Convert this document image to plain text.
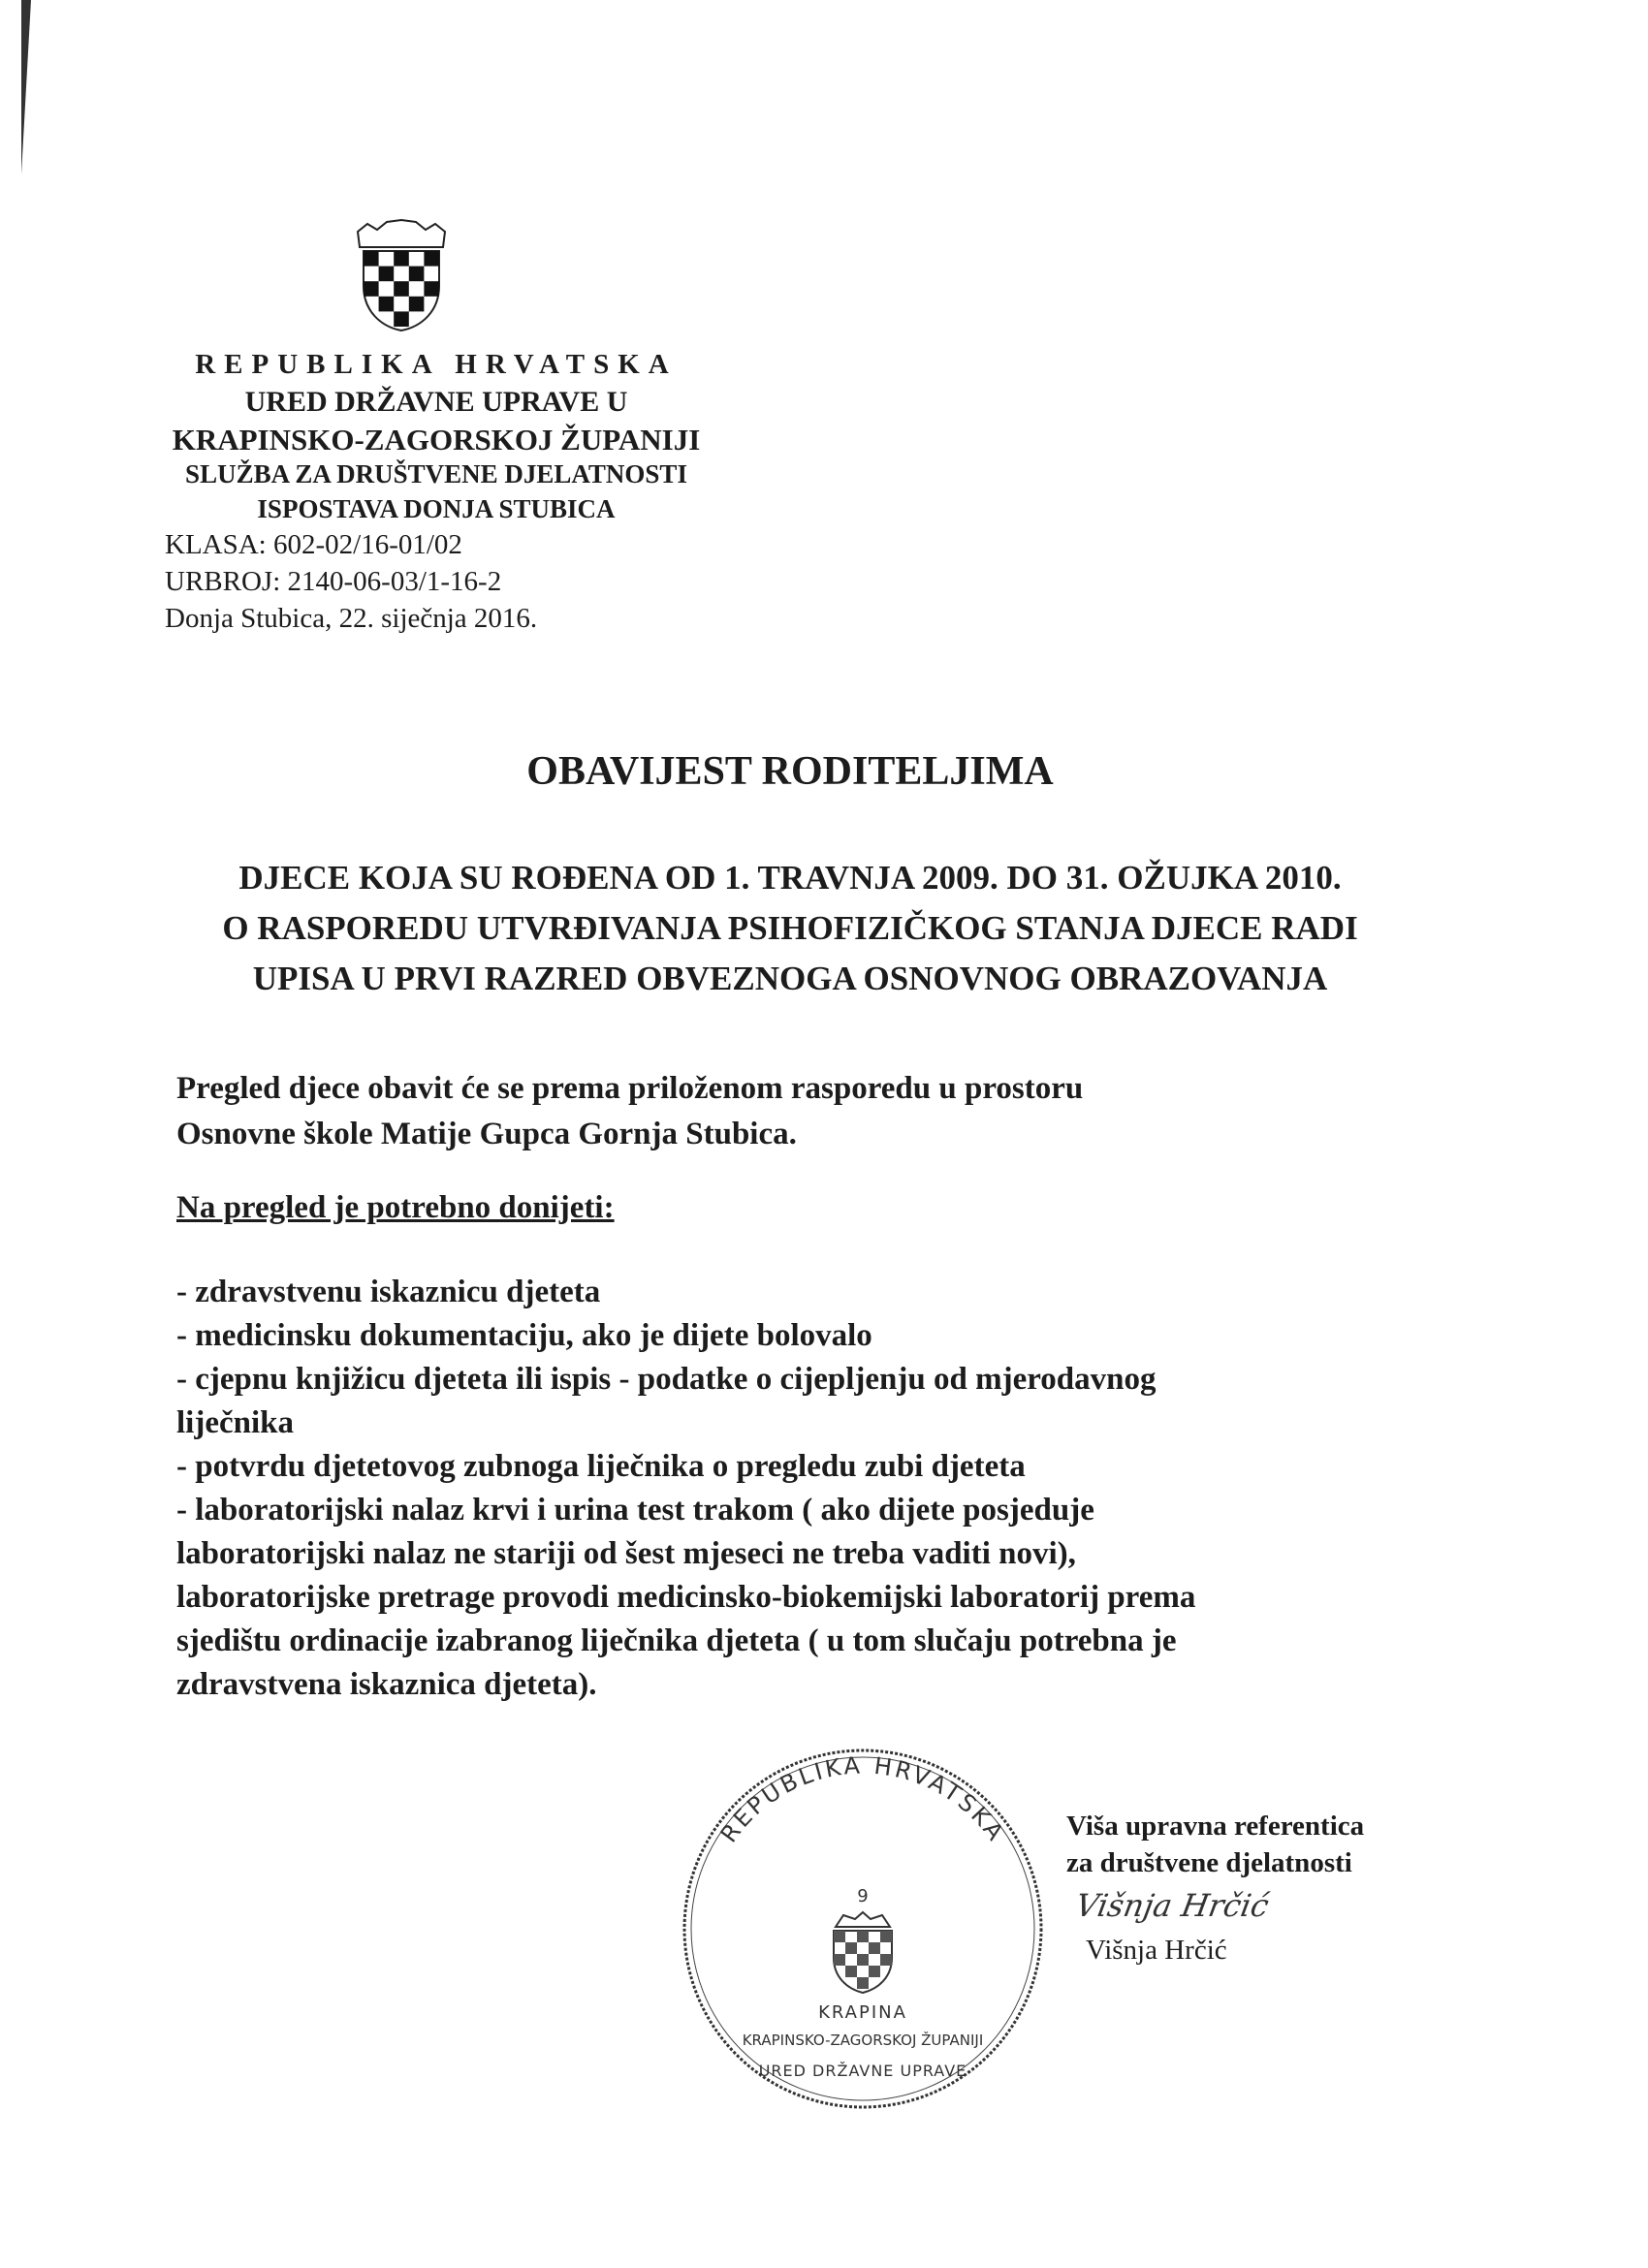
REPUBLIKA HRVATSKA
URED DRŽAVNE UPRAVE U
KRAPINSKO-ZAGORSKOJ ŽUPANIJI
SLUŽBA ZA DRUŠTVENE DJELATNOSTI
ISPOSTAVA DONJA STUBICA
KLASA: 602-02/16-01/02
URBROJ: 2140-06-03/1-16-2
Donja Stubica, 22. siječnja 2016.
OBAVIJEST RODITELJIMA
DJECE KOJA SU ROĐENA OD 1. TRAVNJA 2009. DO 31. OŽUJKA 2010.
O RASPOREDU UTVRĐIVANJA PSIHOFIZIČKOG STANJA DJECE RADI
UPISA U PRVI RAZRED OBVEZNOGA OSNOVNOG OBRAZOVANJA
Pregled djece obavit će se prema priloženom rasporedu u prostoru
Osnovne škole Matije Gupca Gornja Stubica.
Na pregled je potrebno donijeti:
- zdravstvenu iskaznicu djeteta
- medicinsku dokumentaciju, ako je dijete bolovalo
- cjepnu knjižicu djeteta ili ispis - podatke o cijepljenju od mjerodavnog
liječnika
- potvrdu djetetovog zubnoga liječnika o pregledu zubi djeteta
- laboratorijski nalaz krvi i urina test trakom ( ako dijete posjeduje
laboratorijski nalaz ne stariji od šest mjeseci ne treba vaditi novi),
laboratorijske pretrage provodi medicinsko-biokemijski laboratorij prema
sjedištu ordinacije izabranog liječnika djeteta ( u tom slučaju potrebna je
zdravstvena iskaznica djeteta).
REPUBLIKA HRVATSKA
9
KRAPINA
KRAPINSKO-ZAGORSKOJ ŽUPANIJI
URED DRŽAVNE UPRAVE
Viša upravna referentica
za društvene djelatnosti
Višnja Hrčić
Višnja Hrčić
